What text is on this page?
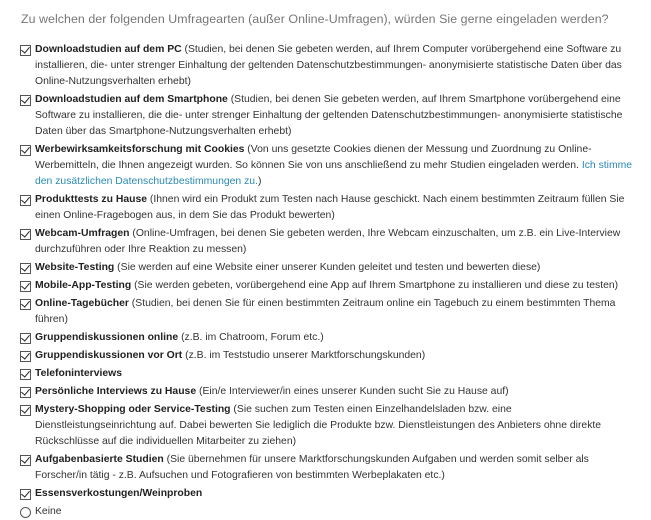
Zu welchen der folgenden Umfragearten (außer Online-Umfragen), würden Sie gerne eingeladen werden?
Downloadstudien auf dem PC (Studien, bei denen Sie gebeten werden, auf Ihrem Computer vorübergehend eine Software zu installieren, die- unter strenger Einhaltung der geltenden Datenschutzbestimmungen- anonymisierte statistische Daten über das Online-Nutzungsverhalten erhebt)
Downloadstudien auf dem Smartphone (Studien, bei denen Sie gebeten werden, auf Ihrem Smartphone vorübergehend eine Software zu installieren, die die- unter strenger Einhaltung der geltenden Datenschutzbestimmungen- anonymisierte statistische Daten über das Smartphone-Nutzungsverhalten erhebt)
Werbewirksamkeitsforschung mit Cookies (Von uns gesetzte Cookies dienen der Messung und Zuordnung zu Online-Werbemitteln, die Ihnen angezeigt wurden. So können Sie von uns anschließend zu mehr Studien eingeladen werden. Ich stimme den zusätzlichen Datenschutzbestimmungen zu.)
Produkttests zu Hause (Ihnen wird ein Produkt zum Testen nach Hause geschickt. Nach einem bestimmten Zeitraum füllen Sie einen Online-Fragebogen aus, in dem Sie das Produkt bewerten)
Webcam-Umfragen (Online-Umfragen, bei denen Sie gebeten werden, Ihre Webcam einzuschalten, um z.B. ein Live-Interview durchzuführen oder Ihre Reaktion zu messen)
Website-Testing (Sie werden auf eine Website einer unserer Kunden geleitet und testen und bewerten diese)
Mobile-App-Testing (Sie werden gebeten, vorübergehend eine App auf Ihrem Smartphone zu installieren und diese zu testen)
Online-Tagebücher (Studien, bei denen Sie für einen bestimmten Zeitraum online ein Tagebuch zu einem bestimmten Thema führen)
Gruppendiskussionen online (z.B. im Chatroom, Forum etc.)
Gruppendiskussionen vor Ort (z.B. im Teststudio unserer Marktforschungskunden)
Telefoninterviews
Persönliche Interviews zu Hause (Ein/e Interviewer/in eines unserer Kunden sucht Sie zu Hause auf)
Mystery-Shopping oder Service-Testing (Sie suchen zum Testen einen Einzelhandelsladen bzw. eine Dienstleistungseinrichtung auf. Dabei bewerten Sie lediglich die Produkte bzw. Dienstleistungen des Anbieters ohne direkte Rückschlüsse auf die individuellen Mitarbeiter zu ziehen)
Aufgabenbasierte Studien (Sie übernehmen für unsere Marktforschungskunden Aufgaben und werden somit selber als Forscher/in tätig - z.B. Aufsuchen und Fotografieren von bestimmten Werbeplakaten etc.)
Essensverkostungen/Weinproben
Keine
